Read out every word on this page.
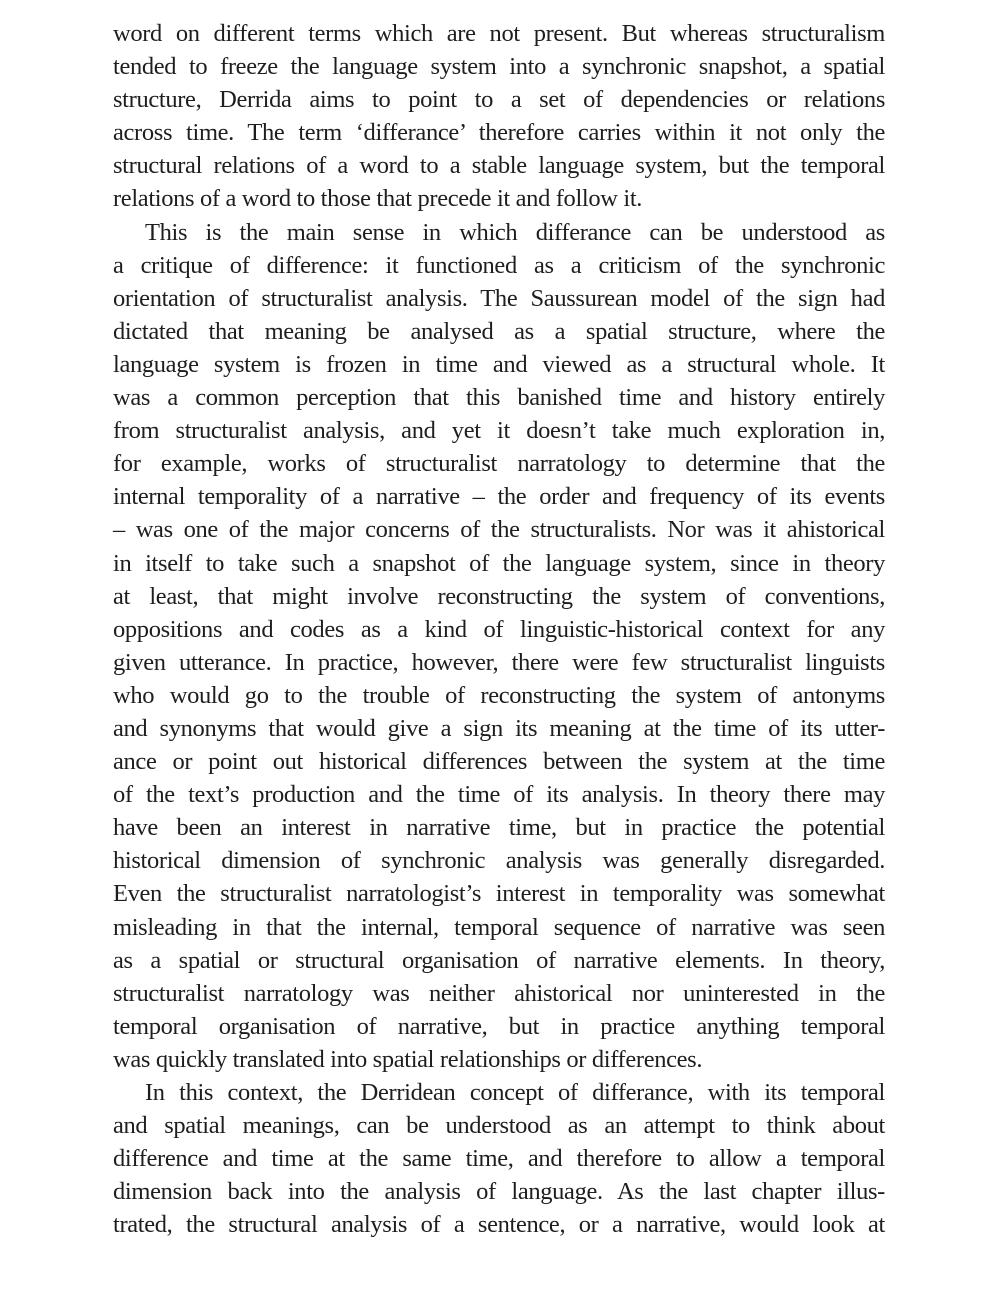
word on different terms which are not present. But whereas structuralism
tended to freeze the language system into a synchronic snapshot, a spatial
structure, Derrida aims to point to a set of dependencies or relations
across time. The term ‘differance’ therefore carries within it not only the
structural relations of a word to a stable language system, but the temporal
relations of a word to those that precede it and follow it.
This is the main sense in which differance can be understood as
a critique of difference: it functioned as a criticism of the synchronic
orientation of structuralist analysis. The Saussurean model of the sign had
dictated that meaning be analysed as a spatial structure, where the
language system is frozen in time and viewed as a structural whole. It
was a common perception that this banished time and history entirely
from structuralist analysis, and yet it doesn’t take much exploration in,
for example, works of structuralist narratology to determine that the
internal temporality of a narrative – the order and frequency of its events
– was one of the major concerns of the structuralists. Nor was it ahistorical
in itself to take such a snapshot of the language system, since in theory
at least, that might involve reconstructing the system of conventions,
oppositions and codes as a kind of linguistic-historical context for any
given utterance. In practice, however, there were few structuralist linguists
who would go to the trouble of reconstructing the system of antonyms
and synonyms that would give a sign its meaning at the time of its utter-
ance or point out historical differences between the system at the time
of the text’s production and the time of its analysis. In theory there may
have been an interest in narrative time, but in practice the potential
historical dimension of synchronic analysis was generally disregarded.
Even the structuralist narratologist’s interest in temporality was somewhat
misleading in that the internal, temporal sequence of narrative was seen
as a spatial or structural organisation of narrative elements. In theory,
structuralist narratology was neither ahistorical nor uninterested in the
temporal organisation of narrative, but in practice anything temporal
was quickly translated into spatial relationships or differences.
In this context, the Derridean concept of differance, with its temporal
and spatial meanings, can be understood as an attempt to think about
difference and time at the same time, and therefore to allow a temporal
dimension back into the analysis of language. As the last chapter illus-
trated, the structural analysis of a sentence, or a narrative, would look at
